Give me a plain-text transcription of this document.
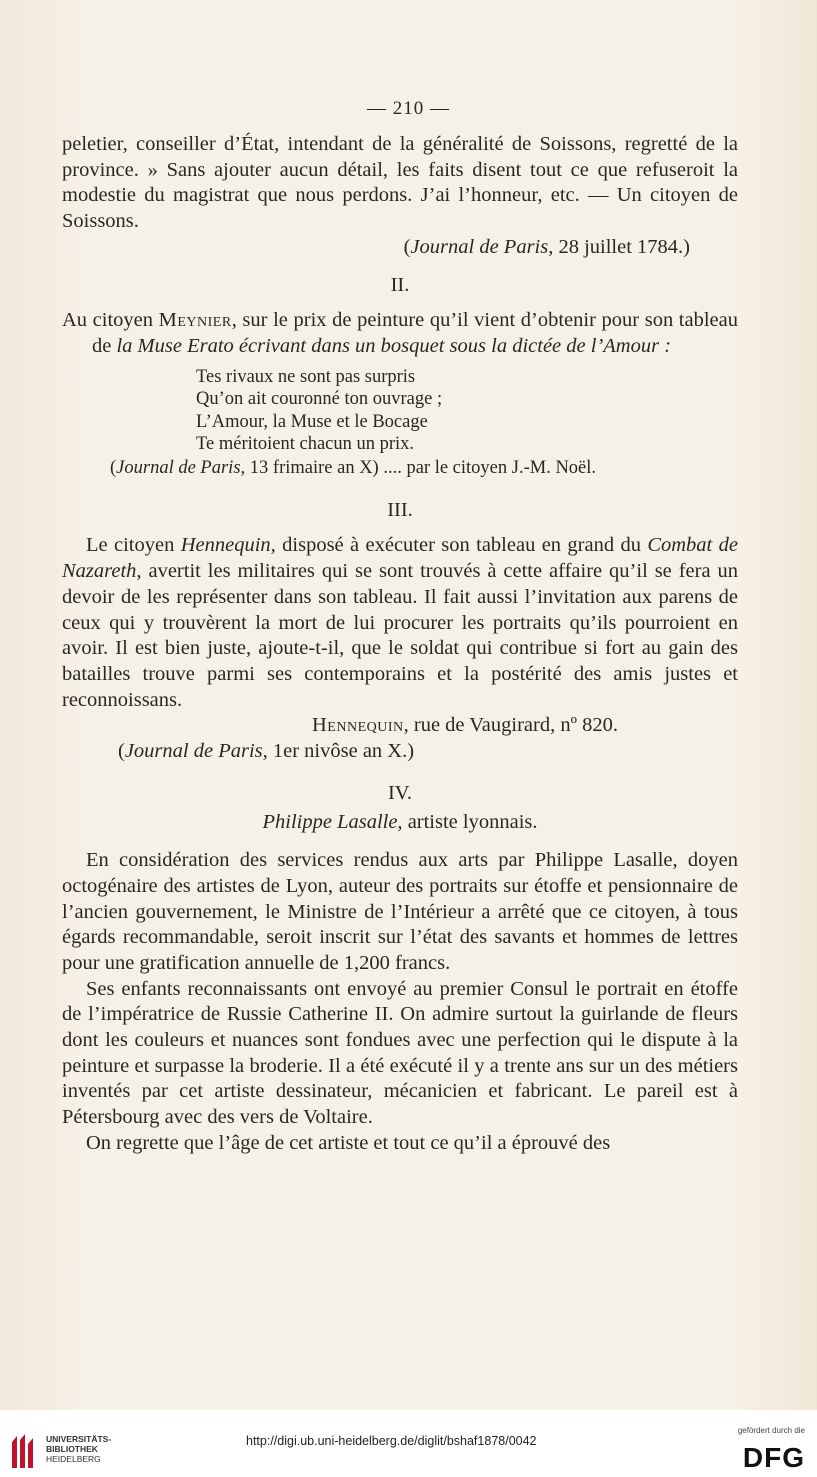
— 210 —

peletier, conseiller d’État, intendant de la généralité de Soissons, regretté de la province. » Sans ajouter aucun détail, les faits disent tout ce que refuseroit la modestie du magistrat que nous perdons. J’ai l’honneur, etc. — Un citoyen de Soissons.

(Journal de Paris, 28 juillet 1784.)

II.

Au citoyen Meynier, sur le prix de peinture qu’il vient d’obtenir pour son tableau de la Muse Erato écrivant dans un bosquet sous la dictée de l’Amour :

Tes rivaux ne sont pas surpris

Qu’on ait couronné ton ouvrage ;

L’Amour, la Muse et le Bocage

Te méritoient chacun un prix.

(Journal de Paris, 13 frimaire an X) .... par le citoyen J.-M. Noël.

III.

Le citoyen Hennequin, disposé à exécuter son tableau en grand du Combat de Nazareth, avertit les militaires qui se sont trouvés à cette affaire qu’il se fera un devoir de les représenter dans son tableau. Il fait aussi l’invitation aux parens de ceux qui y trouvèrent la mort de lui procurer les portraits qu’ils pourroient en avoir. Il est bien juste, ajoute-t-il, que le soldat qui contribue si fort au gain des batailles trouve parmi ses contemporains et la postérité des amis justes et reconnoissans.

Hennequin, rue de Vaugirard, nº 820.

(Journal de Paris, 1er nivôse an X.)

IV.

Philippe Lasalle, artiste lyonnais.

En considération des services rendus aux arts par Philippe Lasalle, doyen octogénaire des artistes de Lyon, auteur des portraits sur étoffe et pensionnaire de l’ancien gouvernement, le Ministre de l’Intérieur a arrêté que ce citoyen, à tous égards recommandable, seroit inscrit sur l’état des savants et hommes de lettres pour une gratification annuelle de 1,200 francs.

Ses enfants reconnaissants ont envoyé au premier Consul le portrait en étoffe de l’impératrice de Russie Catherine II. On admire surtout la guirlande de fleurs dont les couleurs et nuances sont fondues avec une perfection qui le dispute à la peinture et surpasse la broderie. Il a été exécuté il y a trente ans sur un des métiers inventés par cet artiste dessinateur, mécanicien et fabricant. Le pareil est à Pétersbourg avec des vers de Voltaire.

On regrette que l’âge de cet artiste et tout ce qu’il a éprouvé des

UNIVERSITÄTS-
BIBLIOTHEK
HEIDELBERG
http://digi.ub.uni-heidelberg.de/diglit/bshaf1878/0042
gefördert durch die
DFG
